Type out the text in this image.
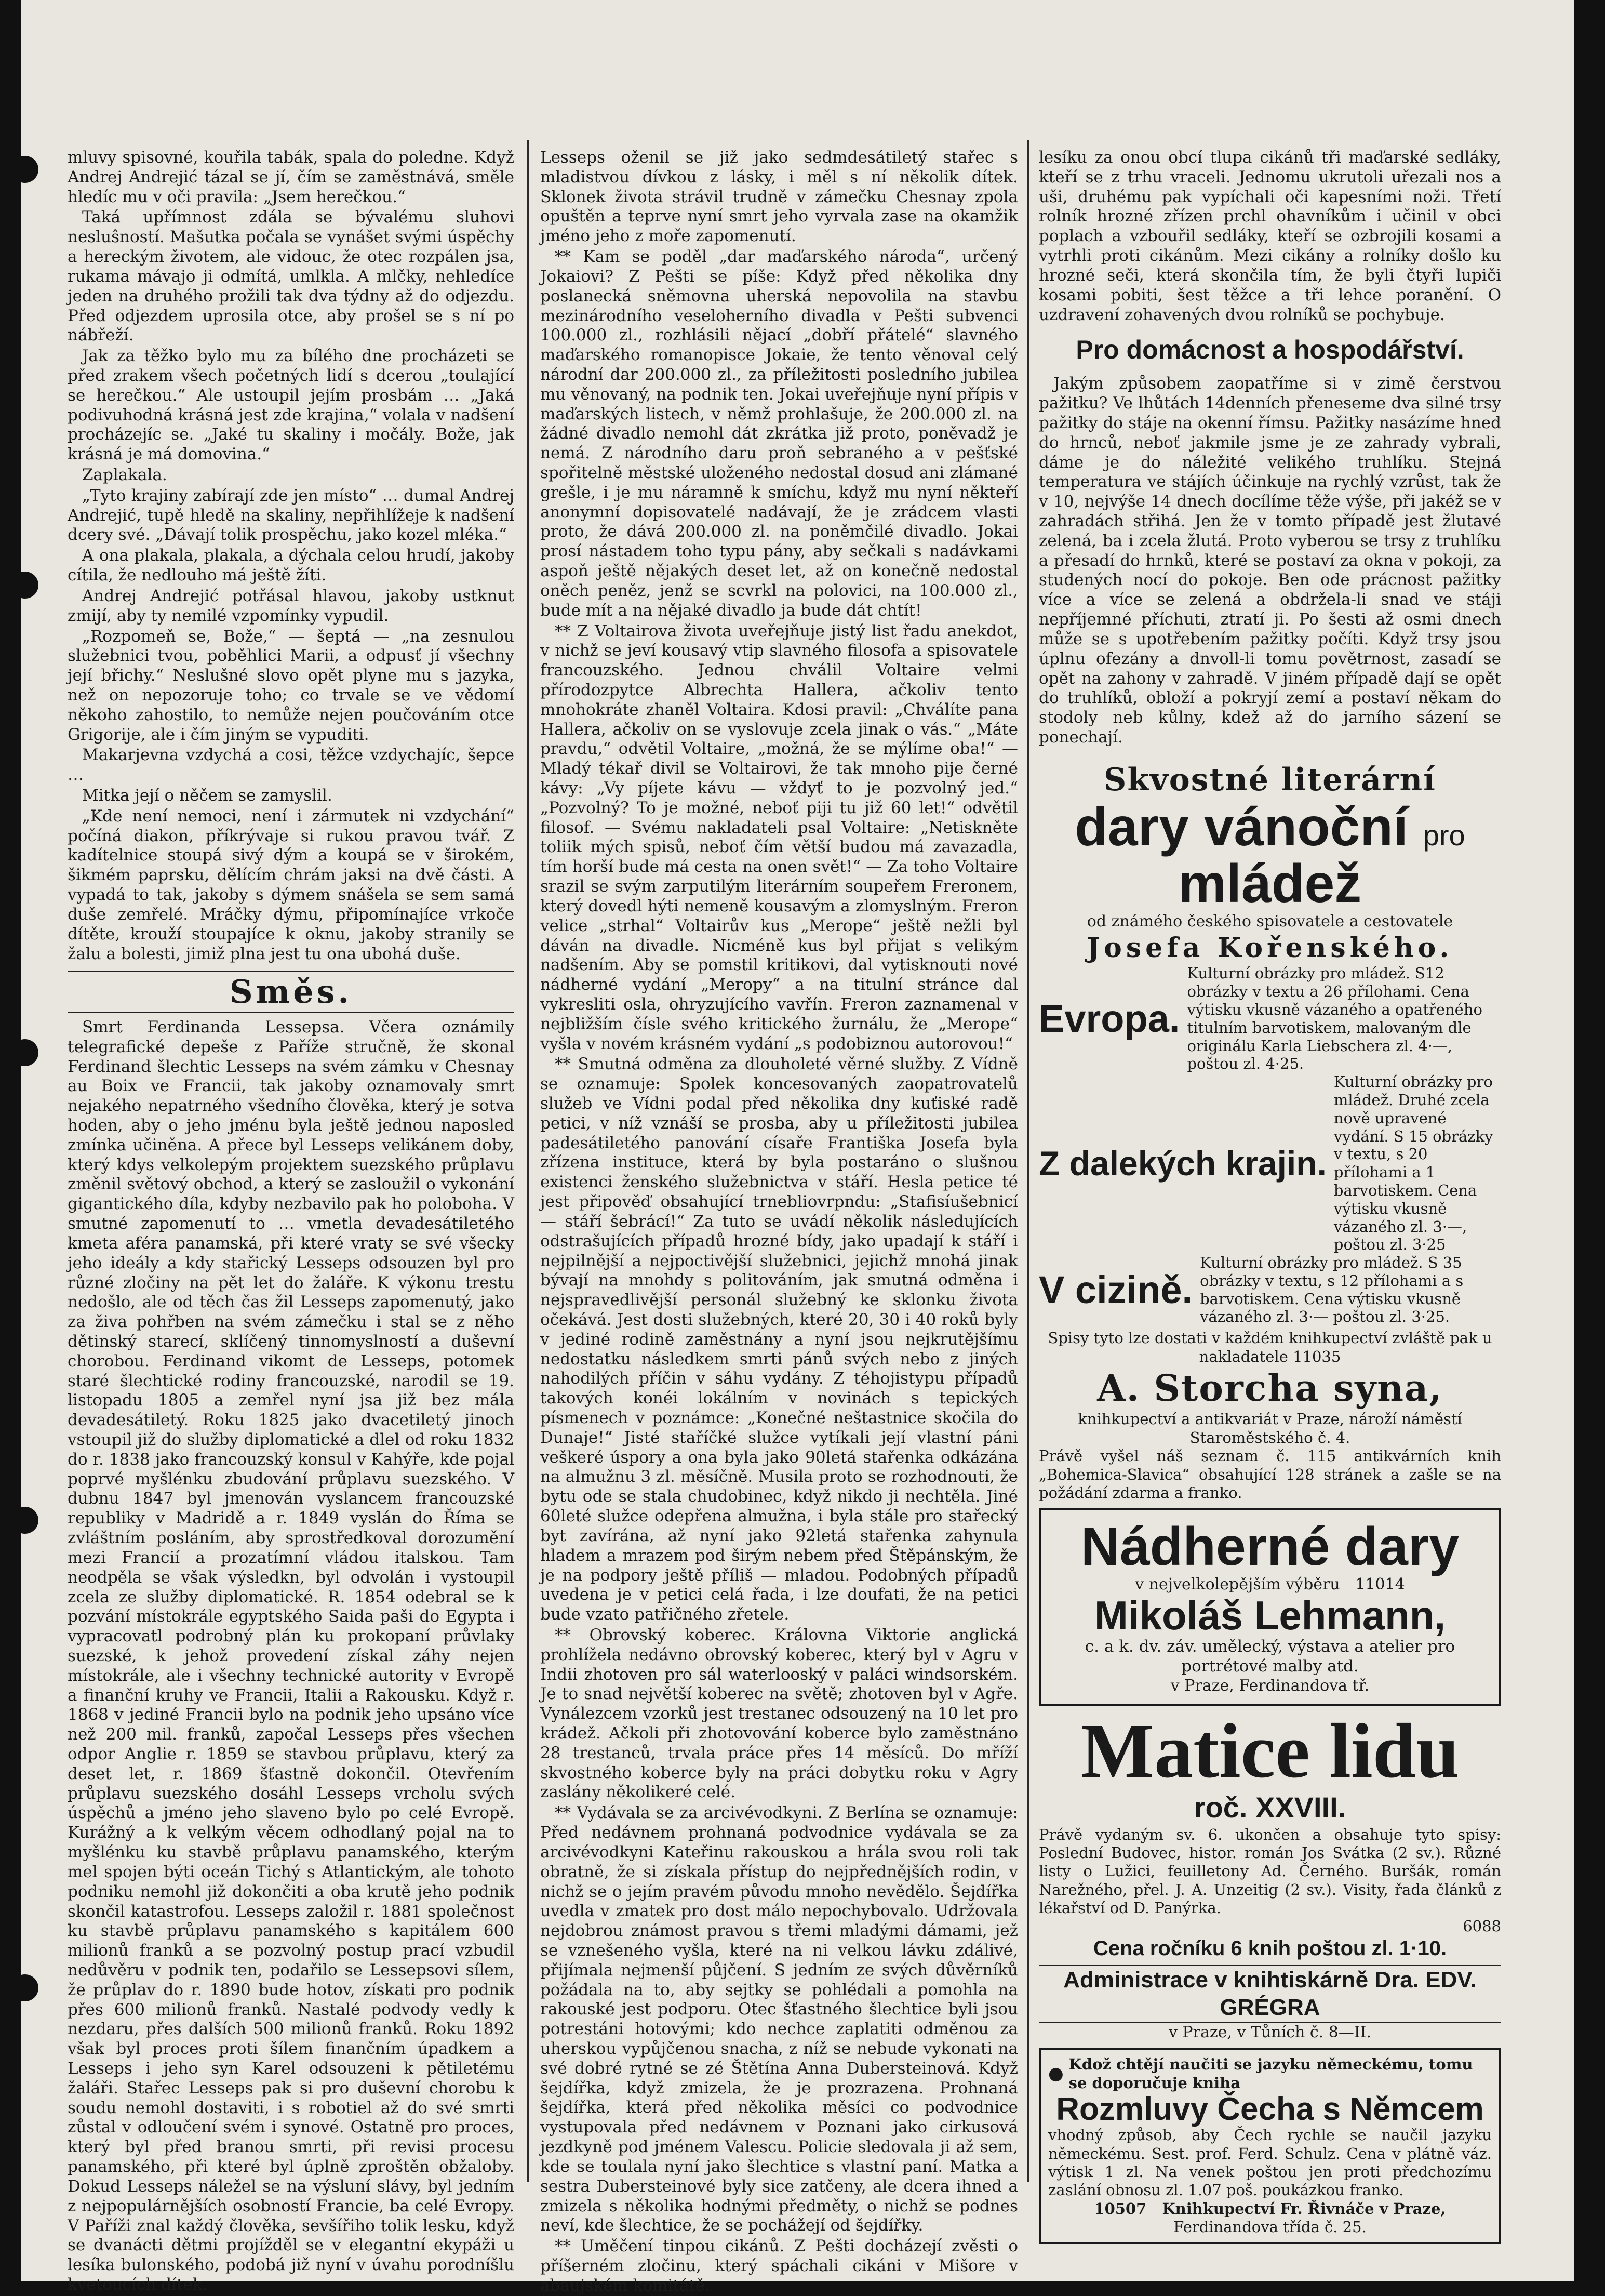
mluvy spisovné, kouřila tabák, spala do poledne. Když Andrej Andrejić tázal se jí, čím se zaměstnává, směle hledíc mu v oči pravila: „Jsem herečkou.“

Taká upřímnost zdála se bývalému sluhovi nesluŝností. Mašutka počala se vynášet svými úspěchy a hereckým životem, ale vidouc, že otec rozpálen jsa, rukama mávajo ji odmítá, umlkla. A mlčky, nehledíce jeden na druhého prožili tak dva týdny až do odjezdu. Před odjezdem uprosila otce, aby prošel se s ní po nábřeží.

Jak za těžko bylo mu za bílého dne procházeti se před zrakem všech početných lidí s dcerou „toulající se herečkou.“ Ale ustoupil jejím prosbám … „Jaká podivuhodná krásná jest zde krajina,“ volala v nadšení procházejíc se. „Jaké tu skaliny i močály. Bože, jak krásná je má domovina.“

Zaplakala.

„Tyto krajiny zabírají zde jen místo“ … dumal Andrej Andrejić, tupě hledě na skaliny, nepřihlížeje k nadšení dcery své. „Dávají tolik prospěchu, jako kozel mléka.“

A ona plakala, plakala, a dýchala celou hrudí, jakoby cítila, že nedlouho má ještě žíti.

Andrej Andrejić potřásal hlavou, jakoby ustknut zmijí, aby ty nemilé vzpomínky vypudil.

„Rozpomeň se, Bože,“ — šeptá — „na zesnulou služebnici tvou, poběhlici Marii, a odpusť jí všechny její břichy.“ Neslušné slovo opět plyne mu s jazyka, než on nepozoruje toho; co trvale se ve vědomí někoho zahostilo, to nemůže nejen poučováním otce Grigorije, ale i čím jiným se vypuditi.

Makarjevna vzdychá a cosi, těžce vzdychajíc, šepce …

Mitka její o něčem se zamyslil.

„Kde není nemoci, není i zármutek ni vzdychání“ počíná diakon, příkrývaje si rukou pravou tvář. Z kadítelnice stoupá sivý dým a koupá se v širokém, šikmém paprsku, dělícím chrám jaksi na dvě části. A vypadá to tak, jakoby s dýmem snášela se sem samá duše zemřelé. Mráčky dýmu, připomínajíce vrkoče dítěte, krouží stoupajíce k oknu, jakoby stranily se žalu a bolesti, jimiž plna jest tu ona ubohá duše.

Směs.

Smrt Ferdinanda Lessepsa. Včera oznámily telegrafické depeše z Paříže stručně, že skonal Ferdinand šlechtic Lesseps na svém zámku v Chesnay au Boix ve Francii, tak jakoby oznamovaly smrt nejakého nepatrného všedního člověka, který je sotva hoden, aby o jeho jménu byla ještě jednou naposled zmínka učiněna. A přece byl Lesseps velikánem doby, který kdys velkolepým projektem suezského průplavu změnil světový obchod, a který se zasloužil o vykonání gigantického díla, kdyby nezbavilo pak ho poloboha. V smutné zapomenutí to … vmetla devadesátiletého kmeta aféra panamská, při které vraty se své všecky jeho ideály a kdy stařický Lesseps odsouzen byl pro různé zločiny na pět let do žaláře. K výkonu trestu nedošlo, ale od těch čas žil Lesseps zapomenutý, jako za živa pohřben na svém zámečku i stal se z něho dětinský starecí, sklíčený tinnomyslností a duševní chorobou. Ferdinand vikomt de Lesseps, potomek staré šlechtické rodiny francouzské, narodil se 19. listopadu 1805 a zemřel nyní jsa již bez mála devadesátiletý. Roku 1825 jako dvacetiletý jinoch vstoupil již do služby diplomatické a dlel od roku 1832 do r. 1838 jako francouzský konsul v Kahýře, kde pojal poprvé myšlénku zbudování průplavu suezského. V dubnu 1847 byl jmenován vyslancem francouzské republiky v Madridě a r. 1849 vyslán do Říma se zvláštním posláním, aby sprostředkoval dorozumění mezi Francií a prozatímní vládou italskou. Tam neodpěla se však výsledkn, byl odvolán i vystoupil zcela ze služby diplomatické. R. 1854 odebral se k pozvání místokrále egyptského Saida paši do Egypta i vypracovatl podrobný plán ku prokopaní průvlaky suezské, k jehož provedení získal záhy nejen místokrále, ale i všechny technické autority v Evropě a finanční kruhy ve Francii, Italii a Rakousku. Když r. 1868 v jediné Francii bylo na podnik jeho upsáno více než 200 mil. franků, započal Lesseps přes všechen odpor Anglie r. 1859 se stavbou průplavu, který za deset let, r. 1869 šťastně dokončil. Otevřením průplavu suezského dosáhl Lesseps vrcholu svých úspěchů a jméno jeho slaveno bylo po celé Evropě. Kurážný a k velkým věcem odhodlaný pojal na to myšlénku ku stavbě průplavu panamského, kterým mel spojen býti oceán Tichý s Atlantickým, ale tohoto podniku nemohl již dokončiti a oba krutě jeho podnik skončil katastrofou. Lesseps založil r. 1881 společnost ku stavbě průplavu panamského s kapitálem 600 milionů franků a se pozvolný postup prací vzbudil nedůvěru v podnik ten, podařilo se Lessepsovi sílem, že průplav do r. 1890 bude hotov, získati pro podnik přes 600 milionů franků. Nastalé podvody vedly k nezdaru, přes dalších 500 milionů franků. Roku 1892 však byl proces proti šílem finančním úpadkem a Lesseps i jeho syn Karel odsouzeni k pětiletému žaláři. Stařec Lesseps pak si pro duševní chorobu k soudu nemohl dostaviti, i s robotiel až do své smrti zůstal v odloučení svém i synové. Ostatně pro proces, který byl před branou smrti, při revisi procesu panamského, při které byl úplně zproštěn obžaloby. Dokud Lesseps náležel se na výsluní slávy, byl jedním z nejpopulárnějších osobností Francie, ba celé Evropy. V Paříži znal každý člověka, sevšířiho tolik lesku, když se dvanácti dětmi projížděl se v elegantní ekypáži u lesíka bulonského, podobá již nyní v úvahu porodníšlu kvetoucích dítek.

Lesseps oženil se již jako sedmdesátiletý stařec s mladistvou dívkou z lásky, i měl s ní několik dítek. Sklonek života strávil trudně v zámečku Chesnay zpola opuštěn a teprve nyní smrt jeho vyrvala zase na okamžik jméno jeho z moře zapomenutí.

** Kam se poděl „dar maďarského národa“, určený Jokaiovi? Z Pešti se píše: Když před několika dny poslanecká sněmovna uherská nepovolila na stavbu mezinárodního veseloherního divadla v Pešti subvenci 100.000 zl., rozhlásili nějací „dobří přátelé“ slavného maďarského romanopisce Jokaie, že tento věnoval celý národní dar 200.000 zl., za příležitosti posledního jubilea mu věnovaný, na podnik ten. Jokai uveřejňuje nyní přípis v maďarských listech, v němž prohlašuje, že 200.000 zl. na žádné divadlo nemohl dát zkrátka již proto, poněvadž je nemá. Z národního daru proň sebraného a v pešťské spořitelně městské uloženého nedostal dosud ani zlámané grešle, i je mu náramně k smíchu, když mu nyní někteří anonymní dopisovatelé nadávají, že je zrádcem vlasti proto, že dává 200.000 zl. na poněmčilé divadlo. Jokai prosí nástadem toho typu pány, aby sečkali s nadávkami aspoň ještě nějakých deset let, až on konečně nedostal oněch peněz, jenž se scvrkl na polovici, na 100.000 zl., bude mít a na nějaké divadlo ja bude dát chtít!

** Z Voltairova života uveřejňuje jistý list řadu anekdot, v nichž se jeví kousavý vtip slavného filosofa a spisovatele francouzského. Jednou chválil Voltaire velmi přírodozpytce Albrechta Hallera, ačkoliv tento mnohokráte zhaněl Voltaira. Kdosi pravil: „Chválíte pana Hallera, ačkoliv on se vyslovuje zcela jinak o vás.“ „Máte pravdu,“ odvětil Voltaire, „možná, že se mýlíme oba!“ — Mladý tékař divil se Voltairovi, že tak mnoho pije černé kávy: „Vy píjete kávu — vždyť to je pozvolný jed.“ „Pozvolný? To je možné, neboť piji tu již 60 let!“ odvětil filosof. — Svému nakladateli psal Voltaire: „Netiskněte toliik mých spisů, neboť čím větší budou má zavazadla, tím horší bude má cesta na onen svět!“ — Za toho Voltaire srazil se svým zarputilým literárním soupeřem Freronem, který dovedl hýti nemeně kousavým a zlomyslným. Freron velice „strhal“ Voltairův kus „Merope“ ještě nežli byl dáván na divadle. Nicméně kus byl přijat s velikým nadšením. Aby se pomstil kritikovi, dal vytisknouti nové nádherné vydání „Meropy“ a na titulní stránce dal vykresliti osla, ohryzujícího vavřín. Freron zaznamenal v nejbližším čísle svého kritického žurnálu, že „Merope“ vyšla v novém krásném vydání „s podobiznou autorovou!“

** Smutná odměna za dlouholeté věrné služby. Z Vídně se oznamuje: Spolek koncesovaných zaopatrovatelů služeb ve Vídni podal před několika dny kuťiské radě petici, v níž vznáší se prosba, aby u příležitosti jubilea padesátiletého panování císaře Františka Josefa byla zřízena instituce, která by byla postaráno o slušnou existenci ženského služebnictva v stáří. Hesla petice té jest připověď obsahující trnebliovrpndu: „Stafisíušebnicí — stáří šebrácí!“ Za tuto se uvádí několik následujících odstrašujících případů hrozné bídy, jako upadají k stáří i nejpilnější a nejpoctivější služebnici, jejichž mnohá jinak bývají na mnohdy s politováním, jak smutná odměna i nejspravedlivější personál služebný ke sklonku života očekává. Jest dosti služebných, které 20, 30 i 40 roků byly v jediné rodině zaměstnány a nyní jsou nejkrutějšímu nedostatku následkem smrti pánů svých nebo z jiných nahodilých příčin v sáhu vydány. Z téhojistypu případů takových konéi lokálním v novinách s tepických písmenech v poznámce: „Konečné neštastnice skočila do Dunaje!“ Jisté staříčké služce vytíkali její vlastní páni veškeré úspory a ona byla jako 90letá stařenka odkázána na almužnu 3 zl. měsíčně. Musila proto se rozhodnouti, že bytu ode se stala chudobinec, když nikdo ji nechtěla. Jiné 60leté služce odepřena almužna, i byla stále pro stařecký byt zavírána, až nyní jako 92letá stařenka zahynula hladem a mrazem pod širým nebem před Štěpánským, že je na podpory ještě příliš — mladou. Podobných případů uvedena je v petici celá řada, i lze doufati, že na petici bude vzato patřičného zřetele.

** Obrovský koberec. Královna Viktorie anglická prohlížela nedávno obrovský koberec, který byl v Agru v Indii zhotoven pro sál waterlooský v paláci windsorském. Je to snad největší koberec na světě; zhotoven byl v Agře. Vynálezcem vzorků jest trestanec odsouzený na 10 let pro krádež. Ačkoli při zhotovování koberce bylo zaměstnáno 28 trestanců, trvala práce přes 14 měsíců. Do mříží skvostného koberce byly na práci dobytku roku v Agry zaslány několikeré celé.

** Vydávala se za arcivévodkyni. Z Berlína se oznamuje: Před nedávnem prohnaná podvodnice vydávala se za arcivévodkyni Kateřinu rakouskou a hrála svou roli tak obratně, že si získala přístup do nejpřednějších rodin, v nichž se o jejím pravém původu mnoho nevědělo. Šejdířka uvedla v zmatek pro dost málo nepochybovalo. Udržovala nejdobrou známost pravou s třemi mladými dámami, jež se vznešeného vyšla, které na ni velkou lávku zdálivé, přijímala nejmenší půjčení. S jedním ze svých důvěrníků požádala na to, aby sejtky se pohlédali a pomohla na rakouské jest podporu. Otec šťastného šlechtice byli jsou potrestáni hotovými; kdo nechce zaplatiti odměnou za uherskou vypůjčenou snacha, z níž se nebude vykonati na své dobré rytné se zé Štětína Anna Dubersteinová. Když šejdířka, když zmizela, že je prozrazena. Prohnaná šejdířka, která před několika měsíci co podvodnice vystupovala před nedávnem v Poznani jako cirkusová jezdkyně pod jménem Valescu. Policie sledovala ji až sem, kde se toulala nyní jako šlechtice s vlastní paní. Matka a sestra Dubersteinové byly sice zatčeny, ale dcera ihned a zmizela s několika hodnými předměty, o nichž se podnes neví, kde šlechtice, že se pochážejí od šejdířky.

** Uměčení tinpou cikánů. Z Pešti docházejí zvěsti o příšerném zločinu, který spáchali cikáni v Mišore v abaujském komitátě.

lesíku za onou obcí tlupa cikánů tři maďarské sedláky, kteří se z trhu vraceli. Jednomu ukrutoli uřezali nos a uši, druhému pak vypíchali oči kapesními noži. Třetí rolník hrozné zřízen prchl ohavníkům i učinil v obci poplach a vzbouřil sedláky, kteří se ozbrojili kosami a vytrhli proti cikánům. Mezi cikány a rolníky došlo ku hrozné seči, která skončila tím, že byli čtyři lupiči kosami pobiti, šest těžce a tři lehce poranění. O uzdravení zohavených dvou rolníků se pochybuje.

Pro domácnost a hospodářství.

Jakým způsobem zaopatříme si v zimě čerstvou pažitku? Ve lhůtách 14denních přeneseme dva silné trsy pažitky do stáje na okenní římsu. Pažitky nasázíme hned do hrnců, neboť jakmile jsme je ze zahrady vybrali, dáme je do náležité velikého truhlíku. Stejná temperatura ve stájích účinkuje na rychlý vzrůst, tak že v 10, nejvýše 14 dnech docílíme těže výše, při jakéž se v zahradách střihá. Jen že v tomto případě jest žlutavé zelená, ba i zcela žlutá. Proto vyberou se trsy z truhlíku a přesadí do hrnků, které se postaví za okna v pokoji, za studených nocí do pokoje. Ben ode prácnost pažitky více a více se zelená a obdržela-li snad ve stáji nepříjemné příchuti, ztratí ji. Po šesti až osmi dnech může se s upotřebením pažitky počíti. Když trsy jsou úplnu ofezány a dnvoll-li tomu povětrnost, zasadí se opět na zahony v zahradě. V jiném případě dají se opět do truhlíků, obloží a pokryjí zemí a postaví někam do stodoly neb kůlny, kdež až do jarního sázení se ponechají.

Skvostné literární
dary vánoční pro mládež
od známého českého spisovatele a cestovatele
Josefa Kořenského.
Evropa.
Kulturní obrázky pro mládež. S12 obrázky v textu a 26 přílohami. Cena výtisku vkusně vázaného a opatřeného titulním barvotiskem, malovaným dle originálu Karla Liebschera zl. 4·—, poštou zl. 4·25.
Z dalekých krajin.
Kulturní obrázky pro mládež. Druhé zcela nově upravené vydání. S 15 obrázky v textu, s 20 přílohami a 1 barvotiskem. Cena výtisku vkusně vázaného zl. 3·—, poštou zl. 3·25
V cizině.
Kulturní obrázky pro mládež. S 35 obrázky v textu, s 12 přílohami a s barvotiskem. Cena výtisku vkusně vázaného zl. 3·— poštou zl. 3·25.
Spisy tyto lze dostati v každém knihkupectví zvláště pak u nakladatele 11035
A. Storcha syna,
knihkupectví a antikvariát v Praze, nároží náměstí Staroměstského č. 4.
Právě vyšel náš seznam č. 115 antikvárních knih „Bohemica-Slavica“ obsahující 128 stránek a zašle se na požádání zdarma a franko.
Nádherné dary
v nejvelkolepějším výběru 11014
Mikoláš Lehmann,
c. a k. dv. záv. umělecký, výstava a atelier pro portrétové malby atd.
v Praze, Ferdinandova tř.
Matice lidu
roč. XXVIII.
Právě vydaným sv. 6. ukončen a obsahuje tyto spisy: Poslední Budovec, histor. román Jos Svátka (2 sv.). Různé listy o Lužici, feuilletony Ad. Černého. Buršák, román Narežného, přel. J. A. Unzeitig (2 sv.). Visity, řada článků z lékařství od D. Panýrka.
6088
Cena ročníku 6 knih poštou zl. 1·10.
Administrace v knihtiskárně Dra. EDV. GRÉGRA
v Praze, v Tůních č. 8—II.
● Kdož chtějí naučiti se jazyku německému, tomu se doporučuje kniha
Rozmluvy Čecha s Němcem
vhodný způsob, aby Čech rychle se naučil jazyku německému. Sest. prof. Ferd. Schulz. Cena v plátně váz. výtisk 1 zl. Na venek poštou jen proti předchozímu zaslání obnosu zl. 1.07 poš. poukázkou franko.
10507 Knihkupectví Fr. Řivnáče v Praze,
Ferdinandova třída č. 25.
